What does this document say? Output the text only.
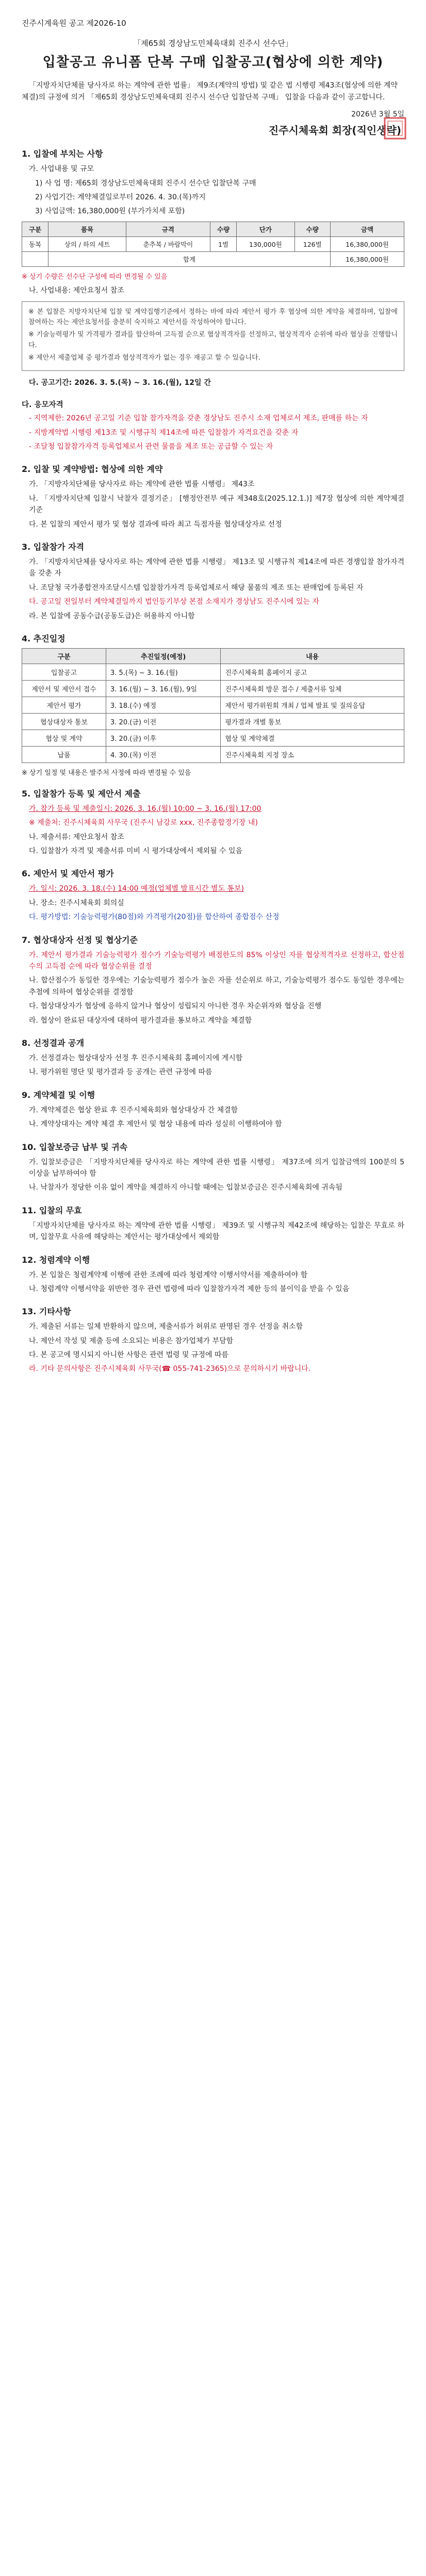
진주시계육원 공고 제2026-10
「제65회 경상남도민체육대회 진주시 선수단」
입찰공고 유니폼 단복 구매 입찰공고(협상에 의한 계약)

「지방자치단체를 당사자로 하는 계약에 관한 법률」 제9조(계약의 방법) 및 같은 법 시행령 제43조(협상에 의한 계약체결)의 규정에 의거 「제65회 경상남도민체육대회 진주시 선수단 입찰단복 구매」 입찰을 다음과 같이 공고합니다.

2026년 3월 5일
진주시체육회 회장(직인생략)
1. 입찰에 부치는 사항
가. 사업내용 및 규모
1) 사 업 명: 제65회 경상남도민체육대회 진주시 선수단 입찰단복 구매
2) 사업기간: 계약체결일로부터 2026. 4. 30.(목)까지
3) 사업금액: 16,380,000원 (부가가치세 포함)
구분	품목	규격	수량	단가	수량	금액
동복	상의 / 하의 세트	춘추복 / 바람막이	1벌	130,000원	126벌	16,380,000원
	합계					16,380,000원
※ 상기 수량은 선수단 구성에 따라 변경될 수 있음
나. 사업내용: 제안요청서 참조

※ 본 입찰은 지방자치단체 입찰 및 계약집행기준에서 정하는 바에 따라 제안서 평가 후 협상에 의한 계약을 체결하며, 입찰에 참여하는 자는 제안요청서를 충분히 숙지하고 제안서를 작성하여야 합니다.

※ 기술능력평가 및 가격평가 결과를 합산하여 고득점 순으로 협상적격자를 선정하고, 협상적격자 순위에 따라 협상을 진행합니다.

※ 제안서 제출업체 중 평가결과 협상적격자가 없는 경우 재공고 할 수 있습니다.

다. 공고기간: 2026. 3. 5.(목) ~ 3. 16.(월), 12일 간
다. 응모자격
- 지역제한: 2026년 공고일 기준 입찰 참가자격을 갖춘 경상남도 진주시 소재 업체로서 제조, 판매를 하는 자
- 지방계약법 시행령 제13조 및 시행규칙 제14조에 따른 입찰참가 자격요건을 갖춘 자
- 조달청 입찰참가자격 등록업체로서 관련 물품을 제조 또는 공급할 수 있는 자
2. 입찰 및 계약방법: 협상에 의한 계약
가. 「지방자치단체를 당사자로 하는 계약에 관한 법률 시행령」 제43조
나. 「지방자치단체 입찰시 낙찰자 결정기준」 [행정안전부 예규 제348호(2025.12.1.)] 제7장 협상에 의한 계약체결기준
다. 본 입찰의 제안서 평가 및 협상 결과에 따라 최고 득점자를 협상대상자로 선정
3. 입찰참가 자격
가. 「지방자치단체를 당사자로 하는 계약에 관한 법률 시행령」 제13조 및 시행규칙 제14조에 따른 경쟁입찰 참가자격을 갖춘 자
나. 조달청 국가종합전자조달시스템 입찰참가자격 등록업체로서 해당 물품의 제조 또는 판매업에 등록된 자
다. 공고일 전일부터 계약체결일까지 법인등기부상 본점 소재지가 경상남도 진주시에 있는 자
라. 본 입찰에 공동수급(공동도급)은 허용하지 아니함
4. 추진일정
구분	추진일정(예정)	내용
입찰공고	3. 5.(목) ~ 3. 16.(월)	진주시체육회 홈페이지 공고
제안서 및 제안서 접수	3. 16.(월) ~ 3. 16.(월), 9일	진주시체육회 방문 접수 / 제출서류 일체
제안서 평가	3. 18.(수) 예정	제안서 평가위원회 개최 / 업체 발표 및 질의응답
협상대상자 통보	3. 20.(금) 이전	평가결과 개별 통보
협상 및 계약	3. 20.(금) 이후	협상 및 계약체결
납품	4. 30.(목) 이전	진주시체육회 지정 장소
※ 상기 일정 및 내용은 발주처 사정에 따라 변경될 수 있음
5. 입찰참가 등록 및 제안서 제출
가. 참가 등록 및 제출일시: 2026. 3. 16.(월) 10:00 ~ 3. 16.(월) 17:00
※ 제출처: 진주시체육회 사무국 (진주시 남강로 xxx, 진주종합경기장 내)
나. 제출서류: 제안요청서 참조
다. 입찰참가 자격 및 제출서류 미비 시 평가대상에서 제외될 수 있음
6. 제안서 및 제안서 평가
가. 일시: 2026. 3. 18.(수) 14:00 예정(업체별 발표시간 별도 통보)
나. 장소: 진주시체육회 회의실
다. 평가방법: 기술능력평가(80점)와 가격평가(20점)를 합산하여 종합점수 산정
7. 협상대상자 선정 및 협상기준
가. 제안서 평가결과 기술능력평가 점수가 기술능력평가 배점한도의 85% 이상인 자를 협상적격자로 선정하고, 합산점수의 고득점 순에 따라 협상순위를 결정
나. 합산점수가 동일한 경우에는 기술능력평가 점수가 높은 자를 선순위로 하고, 기술능력평가 점수도 동일한 경우에는 추첨에 의하여 협상순위를 결정함
다. 협상대상자가 협상에 응하지 않거나 협상이 성립되지 아니한 경우 차순위자와 협상을 진행
라. 협상이 완료된 대상자에 대하여 평가결과를 통보하고 계약을 체결함
8. 선정결과 공개
가. 선정결과는 협상대상자 선정 후 진주시체육회 홈페이지에 게시함
나. 평가위원 명단 및 평가결과 등 공개는 관련 규정에 따름
9. 계약체결 및 이행
가. 계약체결은 협상 완료 후 진주시체육회와 협상대상자 간 체결함
나. 계약상대자는 계약 체결 후 제안서 및 협상 내용에 따라 성실히 이행하여야 함
10. 입찰보증금 납부 및 귀속
가. 입찰보증금은 「지방자치단체를 당사자로 하는 계약에 관한 법률 시행령」 제37조에 의거 입찰금액의 100분의 5 이상을 납부하여야 함
나. 낙찰자가 정당한 이유 없이 계약을 체결하지 아니할 때에는 입찰보증금은 진주시체육회에 귀속됨
11. 입찰의 무효
「지방자치단체를 당사자로 하는 계약에 관한 법률 시행령」 제39조 및 시행규칙 제42조에 해당하는 입찰은 무효로 하며, 입찰무효 사유에 해당하는 제안서는 평가대상에서 제외함
12. 청렴계약 이행
가. 본 입찰은 청렴계약제 이행에 관한 조례에 따라 청렴계약 이행서약서를 제출하여야 함
나. 청렴계약 이행서약을 위반한 경우 관련 법령에 따라 입찰참가자격 제한 등의 불이익을 받을 수 있음
13. 기타사항
가. 제출된 서류는 일체 반환하지 않으며, 제출서류가 허위로 판명된 경우 선정을 취소함
나. 제안서 작성 및 제출 등에 소요되는 비용은 참가업체가 부담함
다. 본 공고에 명시되지 아니한 사항은 관련 법령 및 규정에 따름
라. 기타 문의사항은 진주시체육회 사무국(☎ 055-741-2365)으로 문의하시기 바랍니다.
